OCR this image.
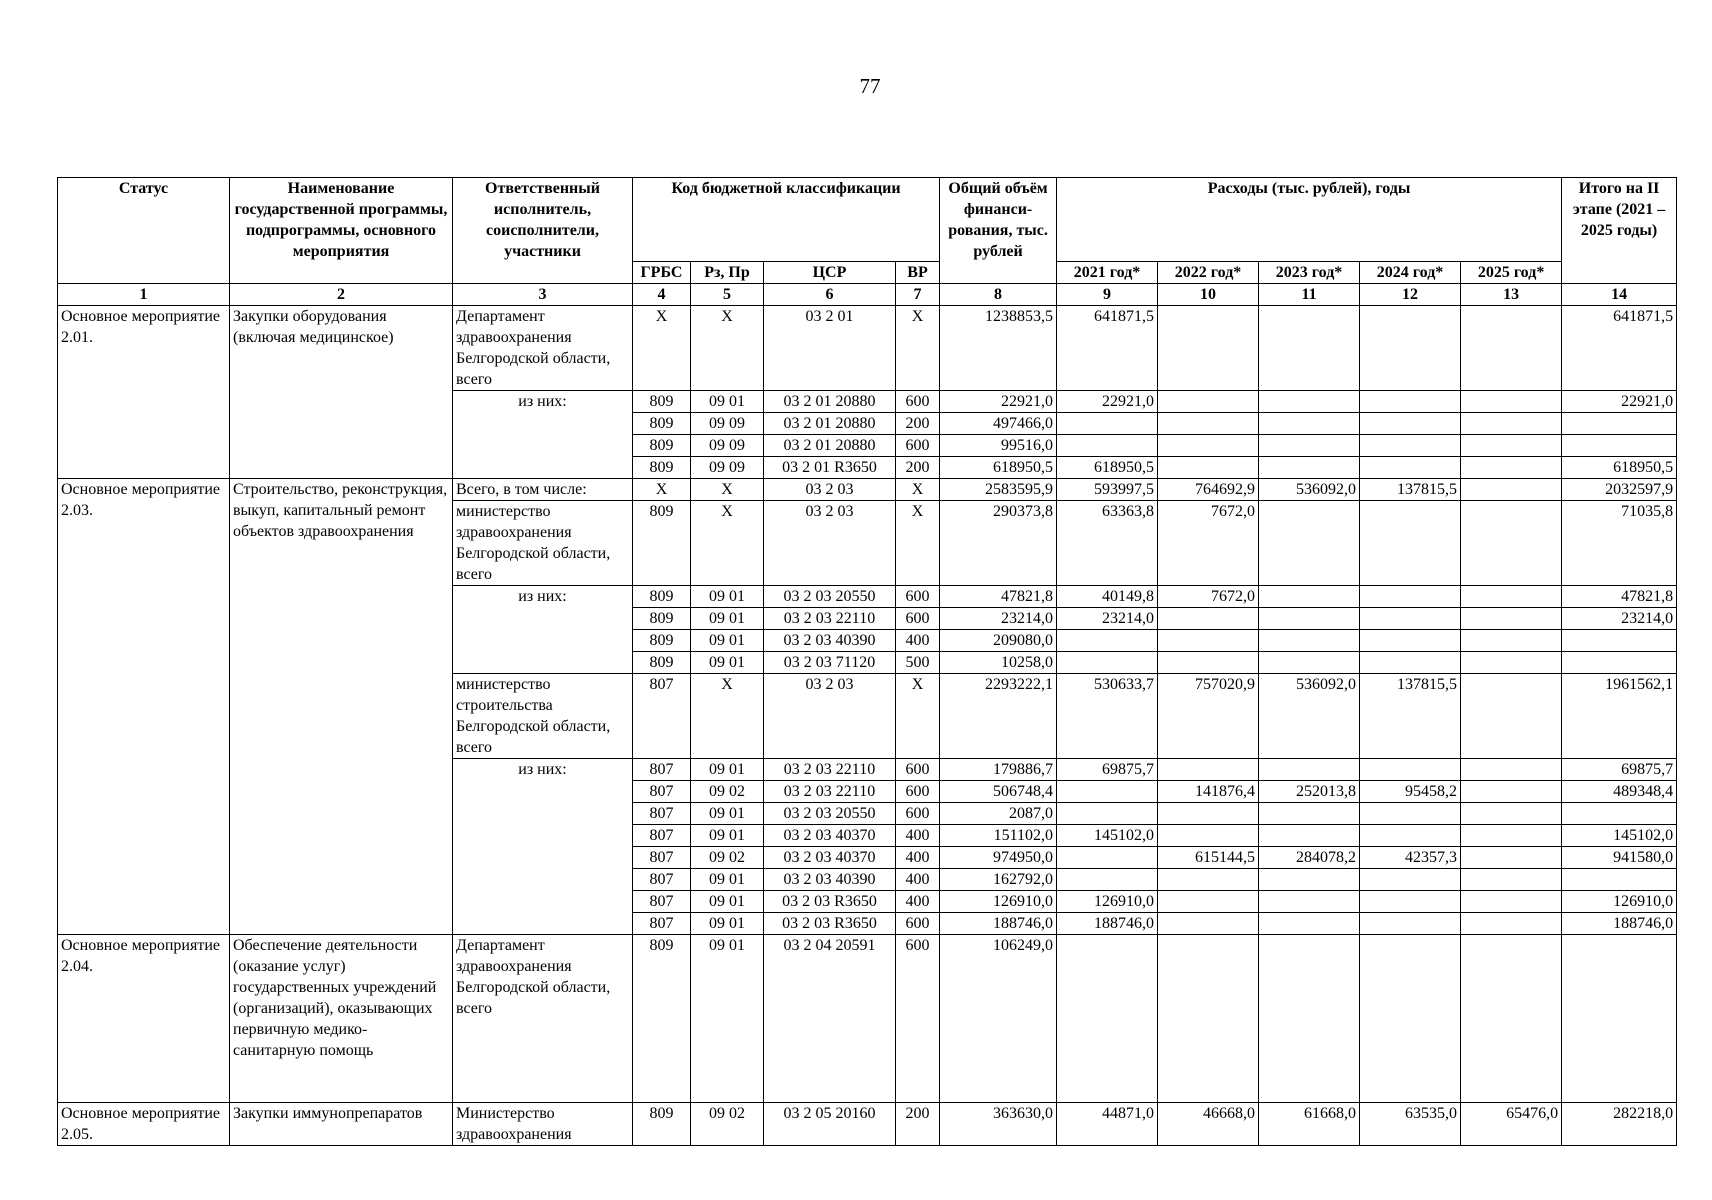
77
Статус	Наименование государственной программы, подпрограммы, основного мероприятия	Ответственный исполнитель, соисполнители, участники	Код бюджетной классификации				Общий объём финанси-рования, тыс. рублей	Расходы (тыс. рублей), годы					Итого на II этапе (2021 – 2025 годы)
			ГРБС	Рз, Пр	ЦСР	ВР		2021 год*	2022 год*	2023 год*	2024 год*	2025 год*	
1	2	3	4	5	6	7	8	9	10	11	12	13	14
Основное мероприятие 2.01.	Закупки оборудования (включая медицинское)	Департамент здравоохранения Белгородской области, всего	Х	Х	03 2 01	Х	1238853,5	641871,5					641871,5
		из них:	809	09 01	03 2 01 20880	600	22921,0	22921,0					22921,0
			809	09 09	03 2 01 20880	200	497466,0						
			809	09 09	03 2 01 20880	600	99516,0						
			809	09 09	03 2 01 R3650	200	618950,5	618950,5					618950,5
Основное мероприятие 2.03.	Строительство, реконструкция, выкуп, капитальный ремонт объектов здравоохранения	Всего, в том числе:	Х	Х	03 2 03	Х	2583595,9	593997,5	764692,9	536092,0	137815,5		2032597,9
		министерство здравоохранения Белгородской области, всего	809	Х	03 2 03	Х	290373,8	63363,8	7672,0				71035,8
		из них:	809	09 01	03 2 03 20550	600	47821,8	40149,8	7672,0				47821,8
			809	09 01	03 2 03 22110	600	23214,0	23214,0					23214,0
			809	09 01	03 2 03 40390	400	209080,0						
			809	09 01	03 2 03 71120	500	10258,0						
		министерство строительства Белгородской области, всего	807	Х	03 2 03	Х	2293222,1	530633,7	757020,9	536092,0	137815,5		1961562,1
		из них:	807	09 01	03 2 03 22110	600	179886,7	69875,7					69875,7
			807	09 02	03 2 03 22110	600	506748,4		141876,4	252013,8	95458,2		489348,4
			807	09 01	03 2 03 20550	600	2087,0						
			807	09 01	03 2 03 40370	400	151102,0	145102,0					145102,0
			807	09 02	03 2 03 40370	400	974950,0		615144,5	284078,2	42357,3		941580,0
			807	09 01	03 2 03 40390	400	162792,0						
			807	09 01	03 2 03 R3650	400	126910,0	126910,0					126910,0
			807	09 01	03 2 03 R3650	600	188746,0	188746,0					188746,0
Основное мероприятие 2.04.	Обеспечение деятельности (оказание услуг) государственных учреждений (организаций), оказывающих первичную медико-санитарную помощь	Департамент здравоохранения Белгородской области, всего	809	09 01	03 2 04 20591	600	106249,0						
Основное мероприятие 2.05.	Закупки иммунопрепаратов	Министерство здравоохранения	809	09 02	03 2 05 20160	200	363630,0	44871,0	46668,0	61668,0	63535,0	65476,0	282218,0
